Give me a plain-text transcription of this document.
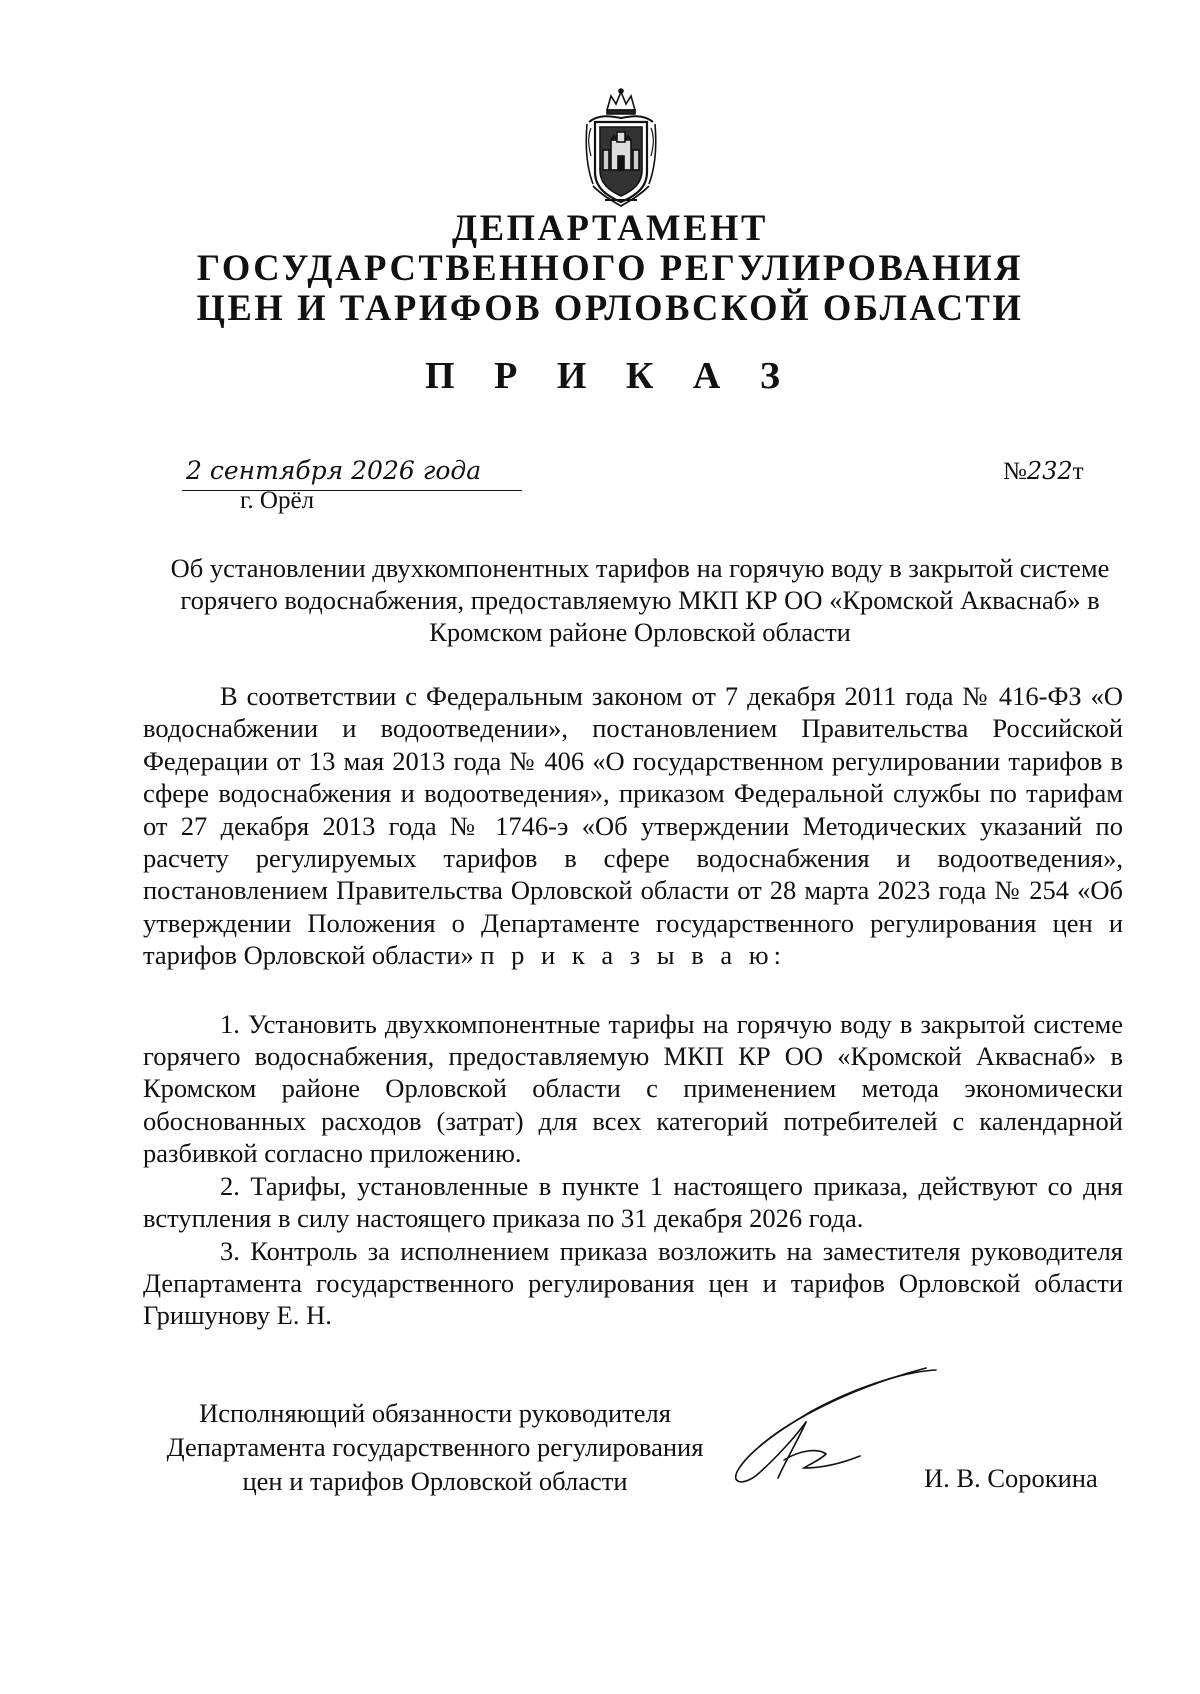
ДЕПАРТАМЕНТ
ГОСУДАРСТВЕННОГО РЕГУЛИРОВАНИЯ
ЦЕН И ТАРИФОВ ОРЛОВСКОЙ ОБЛАСТИ
П Р И К А З
2 сентября 2026 года
г. Орёл
№232т
Об установлении двухкомпонентных тарифов на горячую воду в закрытой системе горячего водоснабжения, предоставляемую МКП КР ОО «Кромской Акваснаб» в Кромском районе Орловской области

В соответствии с Федеральным законом от 7 декабря 2011 года № 416-ФЗ «О водоснабжении и водоотведении», постановлением Правительства Российской Федерации от 13 мая 2013 года № 406 «О государственном регулировании тарифов в сфере водоснабжения и водоотведения», приказом Федеральной службы по тарифам от 27 декабря 2013 года № 1746-э «Об утверждении Методических указаний по расчету регулируемых тарифов в сфере водоснабжения и водоотведения», постановлением Правительства Орловской области от 28 марта 2023 года № 254 «Об утверждении Положения о Департаменте государственного регулирования цен и тарифов Орловской области» п р и к а з ы в а ю:

1. Установить двухкомпонентные тарифы на горячую воду в закрытой системе горячего водоснабжения, предоставляемую МКП КР ОО «Кромской Акваснаб» в Кромском районе Орловской области с применением метода экономически обоснованных расходов (затрат) для всех категорий потребителей с календарной разбивкой согласно приложению.

2. Тарифы, установленные в пункте 1 настоящего приказа, действуют со дня вступления в силу настоящего приказа по 31 декабря 2026 года.

3. Контроль за исполнением приказа возложить на заместителя руководителя Департамента государственного регулирования цен и тарифов Орловской области Гришунову Е. Н.

Исполняющий обязанности руководителя
Департамента государственного регулирования
цен и тарифов Орловской области	И. В. Сорокина
